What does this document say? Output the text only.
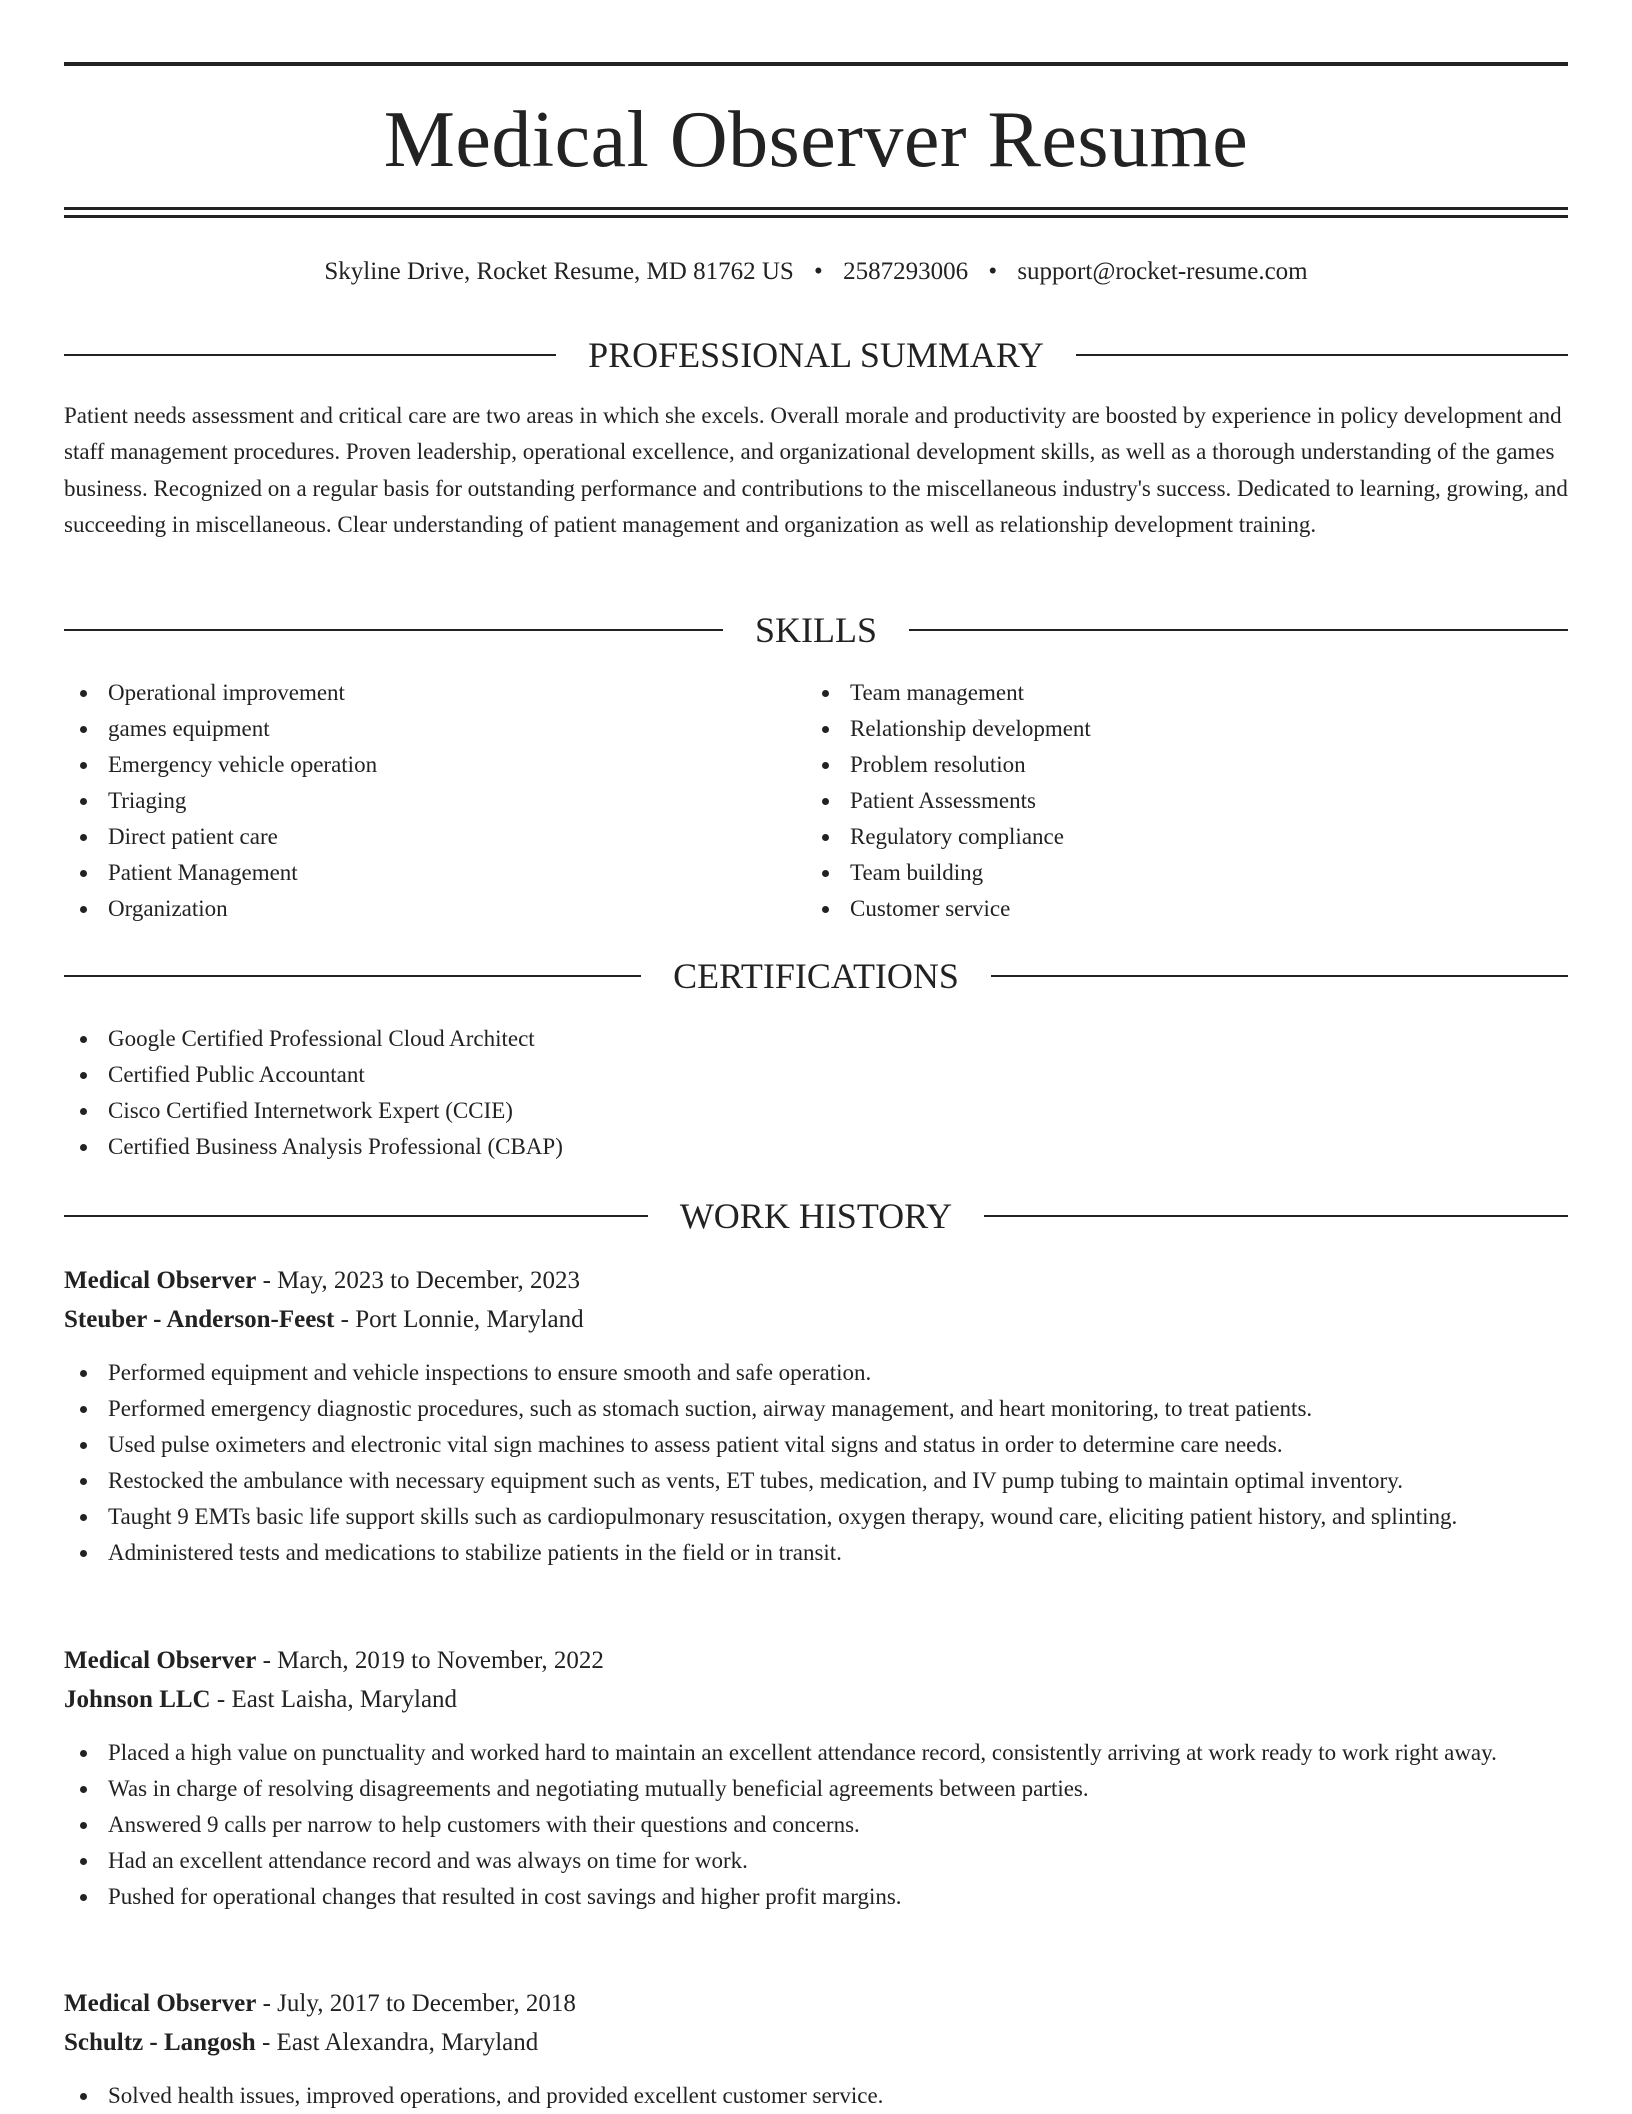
Medical Observer Resume
Skyline Drive, Rocket Resume, MD 81762 US • 2587293006 • support@rocket-resume.com
PROFESSIONAL SUMMARY

Patient needs assessment and critical care are two areas in which she excels. Overall morale and productivity are boosted by experience in policy development and staff management procedures. Proven leadership, operational excellence, and organizational development skills, as well as a thorough understanding of the games business. Recognized on a regular basis for outstanding performance and contributions to the miscellaneous industry's success. Dedicated to learning, growing, and succeeding in miscellaneous. Clear understanding of patient management and organization as well as relationship development training.

SKILLS
Operational improvement
games equipment
Emergency vehicle operation
Triaging
Direct patient care
Patient Management
Organization
Team management
Relationship development
Problem resolution
Patient Assessments
Regulatory compliance
Team building
Customer service
CERTIFICATIONS
Google Certified Professional Cloud Architect
Certified Public Accountant
Cisco Certified Internetwork Expert (CCIE)
Certified Business Analysis Professional (CBAP)
WORK HISTORY
Medical Observer - May, 2023 to December, 2023
Steuber - Anderson-Feest - Port Lonnie, Maryland
Performed equipment and vehicle inspections to ensure smooth and safe operation.
Performed emergency diagnostic procedures, such as stomach suction, airway management, and heart monitoring, to treat patients.
Used pulse oximeters and electronic vital sign machines to assess patient vital signs and status in order to determine care needs.
Restocked the ambulance with necessary equipment such as vents, ET tubes, medication, and IV pump tubing to maintain optimal inventory.
Taught 9 EMTs basic life support skills such as cardiopulmonary resuscitation, oxygen therapy, wound care, eliciting patient history, and splinting.
Administered tests and medications to stabilize patients in the field or in transit.
Medical Observer - March, 2019 to November, 2022
Johnson LLC - East Laisha, Maryland
Placed a high value on punctuality and worked hard to maintain an excellent attendance record, consistently arriving at work ready to work right away.
Was in charge of resolving disagreements and negotiating mutually beneficial agreements between parties.
Answered 9 calls per narrow to help customers with their questions and concerns.
Had an excellent attendance record and was always on time for work.
Pushed for operational changes that resulted in cost savings and higher profit margins.
Medical Observer - July, 2017 to December, 2018
Schultz - Langosh - East Alexandra, Maryland
Solved health issues, improved operations, and provided excellent customer service.
